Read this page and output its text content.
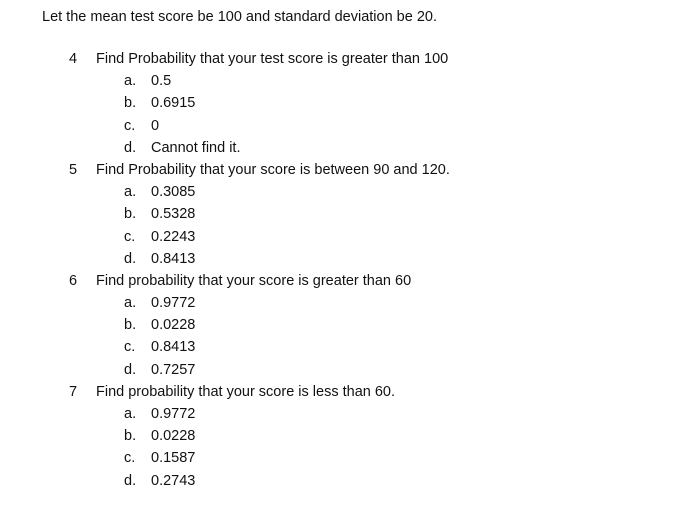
Let the mean test score be 100 and standard deviation be 20.

4 Find Probability that your test score is greater than 100
a. 0.5
b. 0.6915
c. 0
d. Cannot find it.
5 Find Probability that your score is between 90 and 120.
a. 0.3085
b. 0.5328
c. 0.2243
d. 0.8413
6 Find probability that your score is greater than 60
a. 0.9772
b. 0.0228
c. 0.8413
d. 0.7257
7 Find probability that your score is less than 60.
a. 0.9772
b. 0.0228
c. 0.1587
d. 0.2743
